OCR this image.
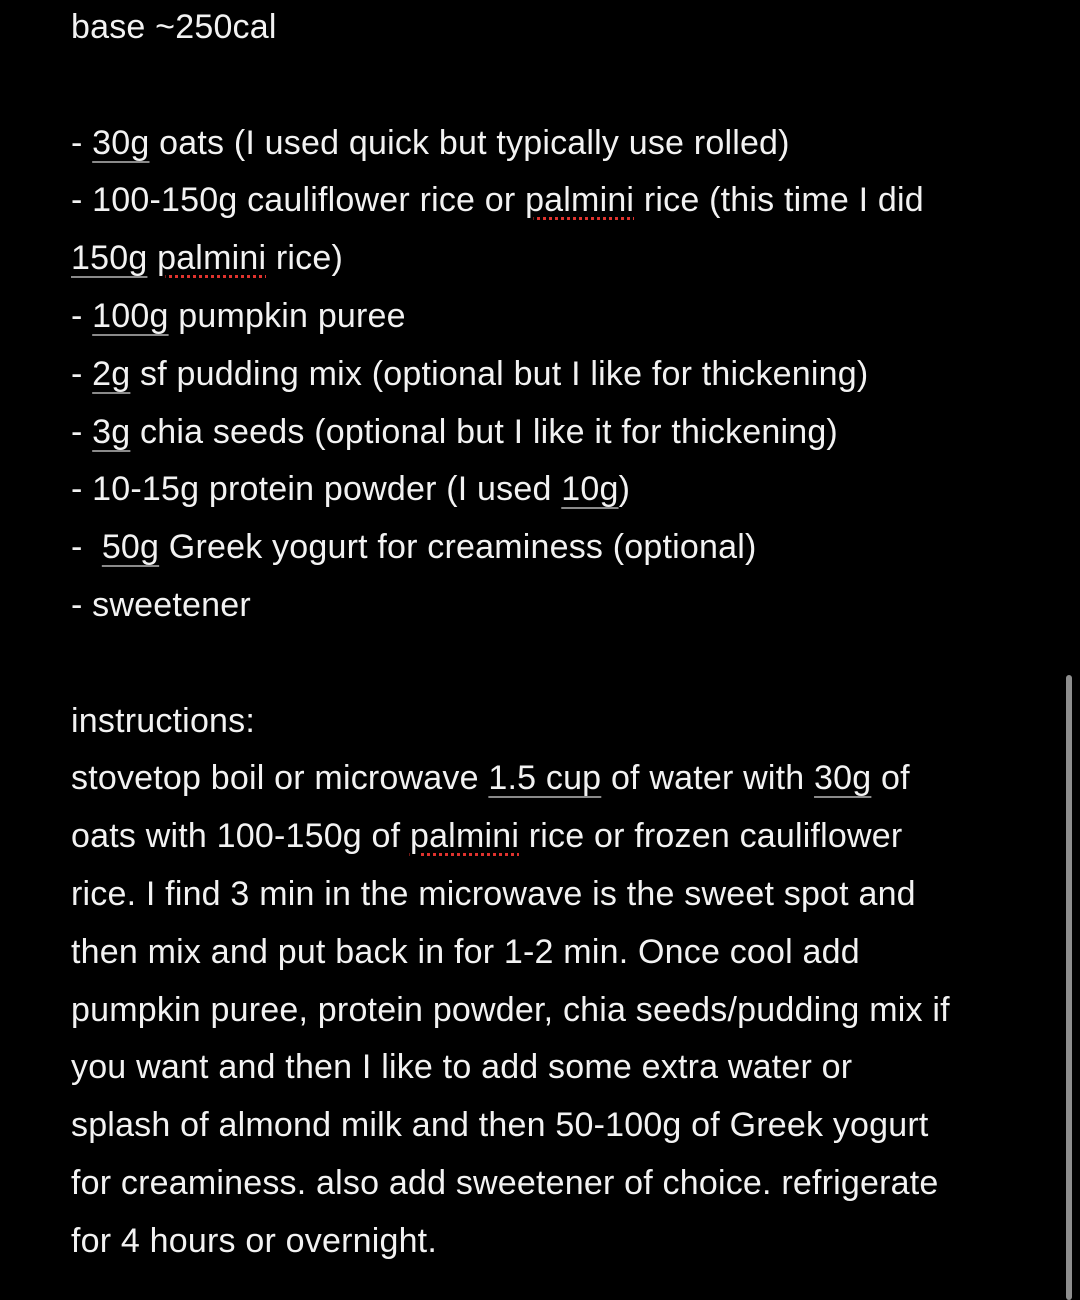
base ~250cal
- 30g oats (I used quick but typically use rolled)
- 100-150g cauliflower rice or palmini rice (this time I did
150g palmini rice)
- 100g pumpkin puree
- 2g sf pudding mix (optional but I like for thickening)
- 3g chia seeds (optional but I like it for thickening)
- 10-15g protein powder (I used 10g)
-  50g Greek yogurt for creaminess (optional)
- sweetener
instructions:
stovetop boil or microwave 1.5 cup of water with 30g of
oats with 100-150g of palmini rice or frozen cauliflower
rice. I find 3 min in the microwave is the sweet spot and
then mix and put back in for 1-2 min. Once cool add
pumpkin puree, protein powder, chia seeds/pudding mix if
you want and then I like to add some extra water or
splash of almond milk and then 50-100g of Greek yogurt
for creaminess. also add sweetener of choice. refrigerate
for 4 hours or overnight.
